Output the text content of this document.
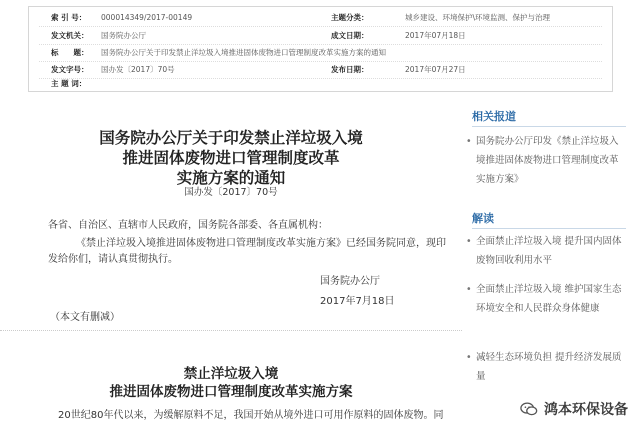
索 引 号：	000014349/2017-00149	主题分类：	城乡建设、环境保护\环境监测、保护与治理
发文机关：	国务院办公厅	成文日期：	2017年07月18日
标　　题：	国务院办公厅关于印发禁止洋垃圾入境推进固体废物进口管理制度改革实施方案的通知
发文字号：	国办发〔2017〕70号	发布日期：	2017年07月27日
主 题 词：
国务院办公厅关于印发禁止洋垃圾入境
推进固体废物进口管理制度改革
实施方案的通知
国办发〔2017〕70号
各省、自治区、直辖市人民政府，国务院各部委、各直属机构：
《禁止洋垃圾入境推进固体废物进口管理制度改革实施方案》已经国务院同意，现印发给你们，请认真贯彻执行。
国务院办公厅
2017年7月18日
（本文有删减）
禁止洋垃圾入境
推进固体废物进口管理制度改革实施方案
20世纪80年代以来，为缓解原料不足，我国开始从境外进口可用作原料的固体废物。同
相关报道
• 国务院办公厅印发《禁止洋垃圾入境推进固体废物进口管理制度改革实施方案》
解读
• 全面禁止洋垃圾入境 提升国内固体废物回收利用水平
• 全面禁止洋垃圾入境 维护国家生态环境安全和人民群众身体健康
• 减轻生态环境负担 提升经济发展质量
鸿本环保设备
